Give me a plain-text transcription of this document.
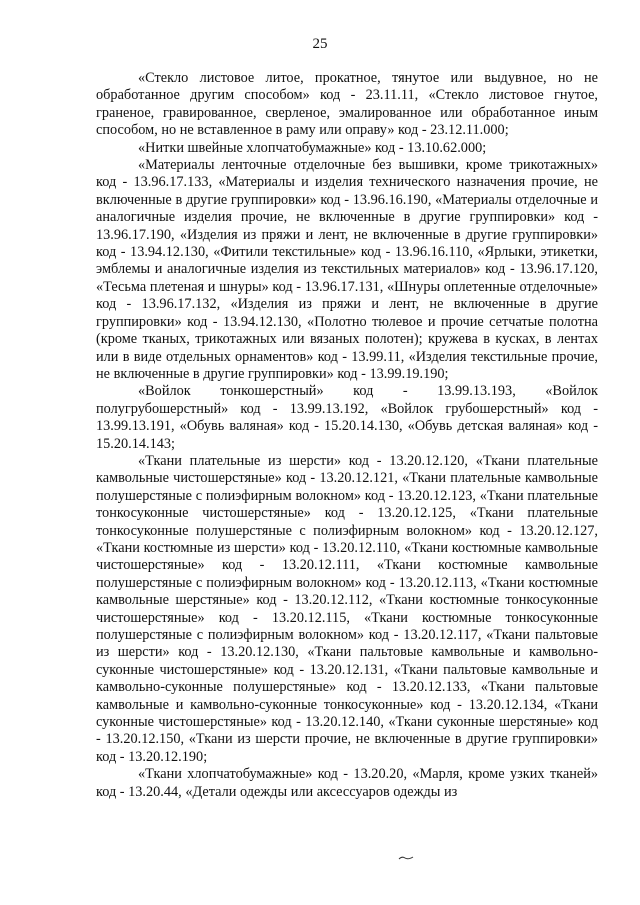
25

«Стекло листовое литое, прокатное, тянутое или выдувное, но не обработанное другим способом» код - 23.11.11, «Стекло листовое гнутое, граненое, гравированное, сверленое, эмалированное или обработанное иным способом, но не вставленное в раму или оправу» код - 23.12.11.000;

«Нитки швейные хлопчатобумажные» код - 13.10.62.000;

«Материалы ленточные отделочные без вышивки, кроме трикотажных» код - 13.96.17.133, «Материалы и изделия технического назначения прочие, не включенные в другие группировки» код - 13.96.16.190, «Материалы отделочные и аналогичные изделия прочие, не включенные в другие группировки» код - 13.96.17.190, «Изделия из пряжи и лент, не включенные в другие группировки» код - 13.94.12.130, «Фитили текстильные» код - 13.96.16.110, «Ярлыки, этикетки, эмблемы и аналогичные изделия из текстильных материалов» код - 13.96.17.120, «Тесьма плетеная и шнуры» код - 13.96.17.131, «Шнуры оплетенные отделочные» код - 13.96.17.132, «Изделия из пряжи и лент, не включенные в другие группировки» код - 13.94.12.130, «Полотно тюлевое и прочие сетчатые полотна (кроме тканых, трикотажных или вязаных полотен); кружева в кусках, в лентах или в виде отдельных орнаментов» код - 13.99.11, «Изделия текстильные прочие, не включенные в другие группировки» код - 13.99.19.190;

«Войлок тонкошерстный» код - 13.99.13.193, «Войлок полугрубошерстный» код - 13.99.13.192, «Войлок грубошерстный» код - 13.99.13.191, «Обувь валяная» код - 15.20.14.130, «Обувь детская валяная» код - 15.20.14.143;

«Ткани плательные из шерсти» код - 13.20.12.120, «Ткани плательные камвольные чистошерстяные» код - 13.20.12.121, «Ткани плательные камвольные полушерстяные с полиэфирным волокном» код - 13.20.12.123, «Ткани плательные тонкосуконные чистошерстяные» код - 13.20.12.125, «Ткани плательные тонкосуконные полушерстяные с полиэфирным волокном» код - 13.20.12.127, «Ткани костюмные из шерсти» код - 13.20.12.110, «Ткани костюмные камвольные чистошерстяные» код - 13.20.12.111, «Ткани костюмные камвольные полушерстяные с полиэфирным волокном» код - 13.20.12.113, «Ткани костюмные камвольные шерстяные» код - 13.20.12.112, «Ткани костюмные тонкосуконные чистошерстяные» код - 13.20.12.115, «Ткани костюмные тонкосуконные полушерстяные с полиэфирным волокном» код - 13.20.12.117, «Ткани пальтовые из шерсти» код - 13.20.12.130, «Ткани пальтовые камвольные и камвольно-суконные чистошерстяные» код - 13.20.12.131, «Ткани пальтовые камвольные и камвольно-суконные полушерстяные» код - 13.20.12.133, «Ткани пальтовые камвольные и камвольно-суконные тонкосуконные» код - 13.20.12.134, «Ткани суконные чистошерстяные» код - 13.20.12.140, «Ткани суконные шерстяные» код - 13.20.12.150, «Ткани из шерсти прочие, не включенные в другие группировки» код - 13.20.12.190;

«Ткани хлопчатобумажные» код - 13.20.20, «Марля, кроме узких тканей» код - 13.20.44, «Детали одежды или аксессуаров одежды из
